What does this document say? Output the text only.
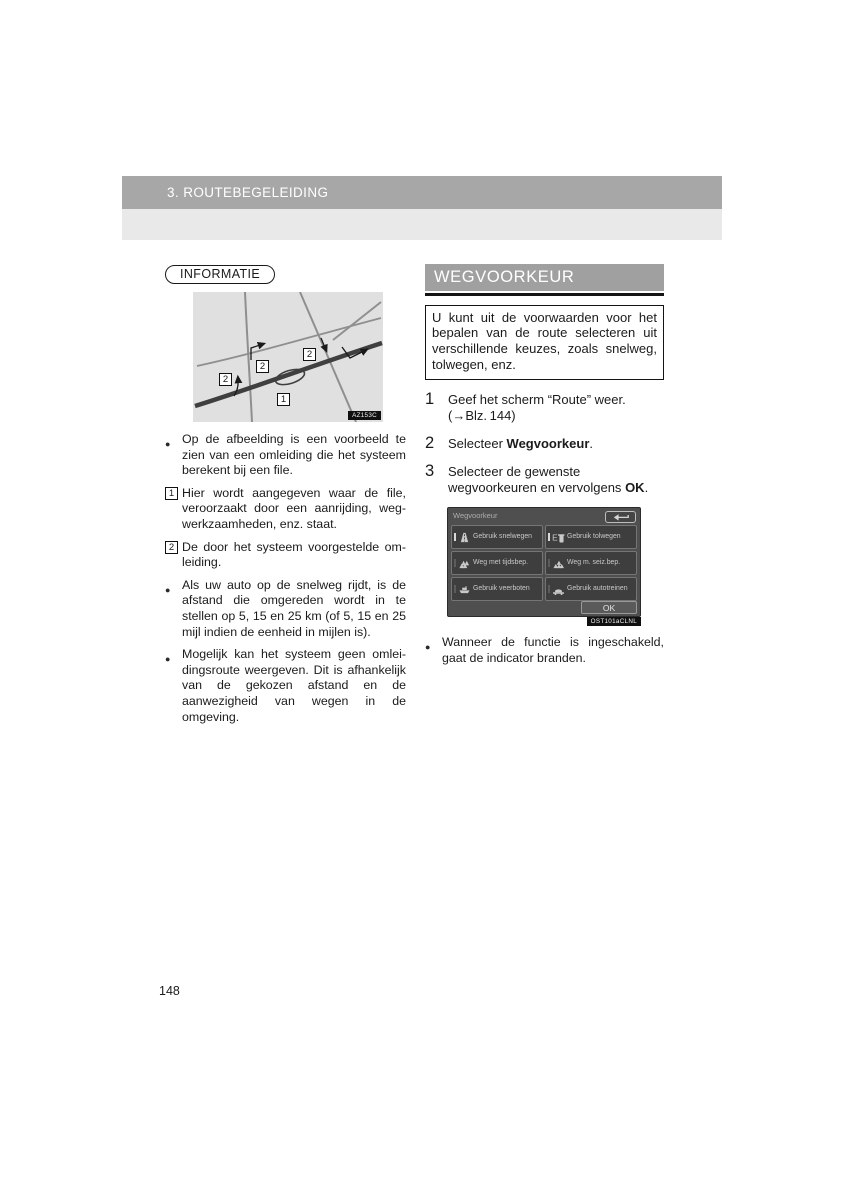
3. ROUTEBEGELEIDING
INFORMATIE
2
2
2
1
AZ153C
●

Op de afbeelding is een voorbeeld te zien van een omleiding die het systeem berekent bij een file.

1 Hier wordt aangegeven waar de file, veroorzaakt door een aanrijding, wegwerkzaamheden, enz. staat.

2 De door het systeem voorgestelde omleiding.

●

Als uw auto op de snelweg rijdt, is de afstand die omgereden wordt in te stellen op 5, 15 en 25 km (of 5, 15 en 25 mijl indien de eenheid in mijlen is).

●

Mogelijk kan het systeem geen omleidingsroute weergeven. Dit is afhankelijk van de gekozen afstand en de aanwezigheid van wegen in de omgeving.

WEGVOORKEUR
U kunt uit de voorwaarden voor het bepalen van de route selecteren uit verschillende keuzes, zoals snelweg, tolwegen, enz.
1	Geef het scherm “Route” weer.
(→Blz. 144)
2	Selecteer Wegvoorkeur.
3	Selecteer de gewenste wegvoorkeuren en vervolgens OK.
Wegvoorkeur
Gebruik snelwegen E Gebruik tolwegen
Weg met tijdsbep.	Weg m. seiz.bep.
Gebruik veerboten	Gebruik autotreinen
OK
OST101aCLNL
●

Wanneer de functie is ingeschakeld, gaat de indicator branden.

148
